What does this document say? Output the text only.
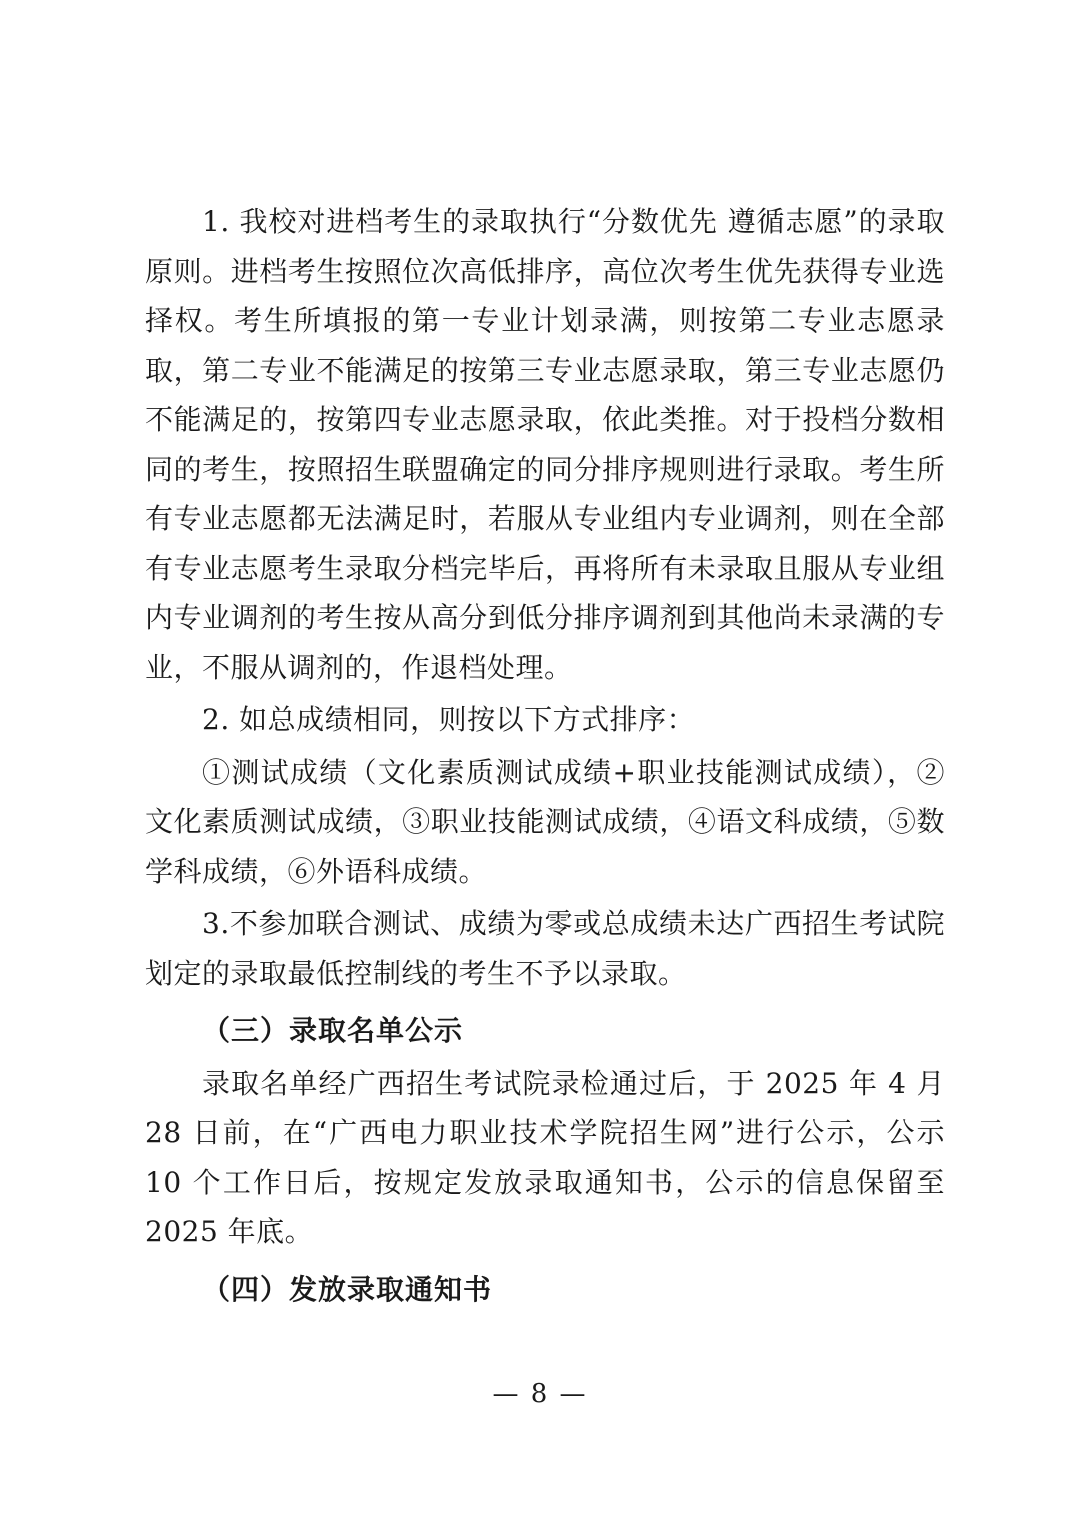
1. 我校对进档考生的录取执行“分数优先 遵循志愿”的录取原则。进档考生按照位次高低排序，高位次考生优先获得专业选择权。考生所填报的第一专业计划录满，则按第二专业志愿录取，第二专业不能满足的按第三专业志愿录取，第三专业志愿仍不能满足的，按第四专业志愿录取，依此类推。对于投档分数相同的考生，按照招生联盟确定的同分排序规则进行录取。考生所有专业志愿都无法满足时，若服从专业组内专业调剂，则在全部有专业志愿考生录取分档完毕后，再将所有未录取且服从专业组内专业调剂的考生按从高分到低分排序调剂到其他尚未录满的专业，不服从调剂的，作退档处理。

2. 如总成绩相同，则按以下方式排序：

①测试成绩（文化素质测试成绩+职业技能测试成绩），②文化素质测试成绩，③职业技能测试成绩，④语文科成绩，⑤数学科成绩，⑥外语科成绩。

3.不参加联合测试、成绩为零或总成绩未达广西招生考试院划定的录取最低控制线的考生不予以录取。

（三）录取名单公示

录取名单经广西招生考试院录检通过后，于 2025 年 4 月 28 日前，在“广西电力职业技术学院招生网”进行公示，公示 10 个工作日后，按规定发放录取通知书，公示的信息保留至 2025 年底。

（四）发放录取通知书

— 8 —
